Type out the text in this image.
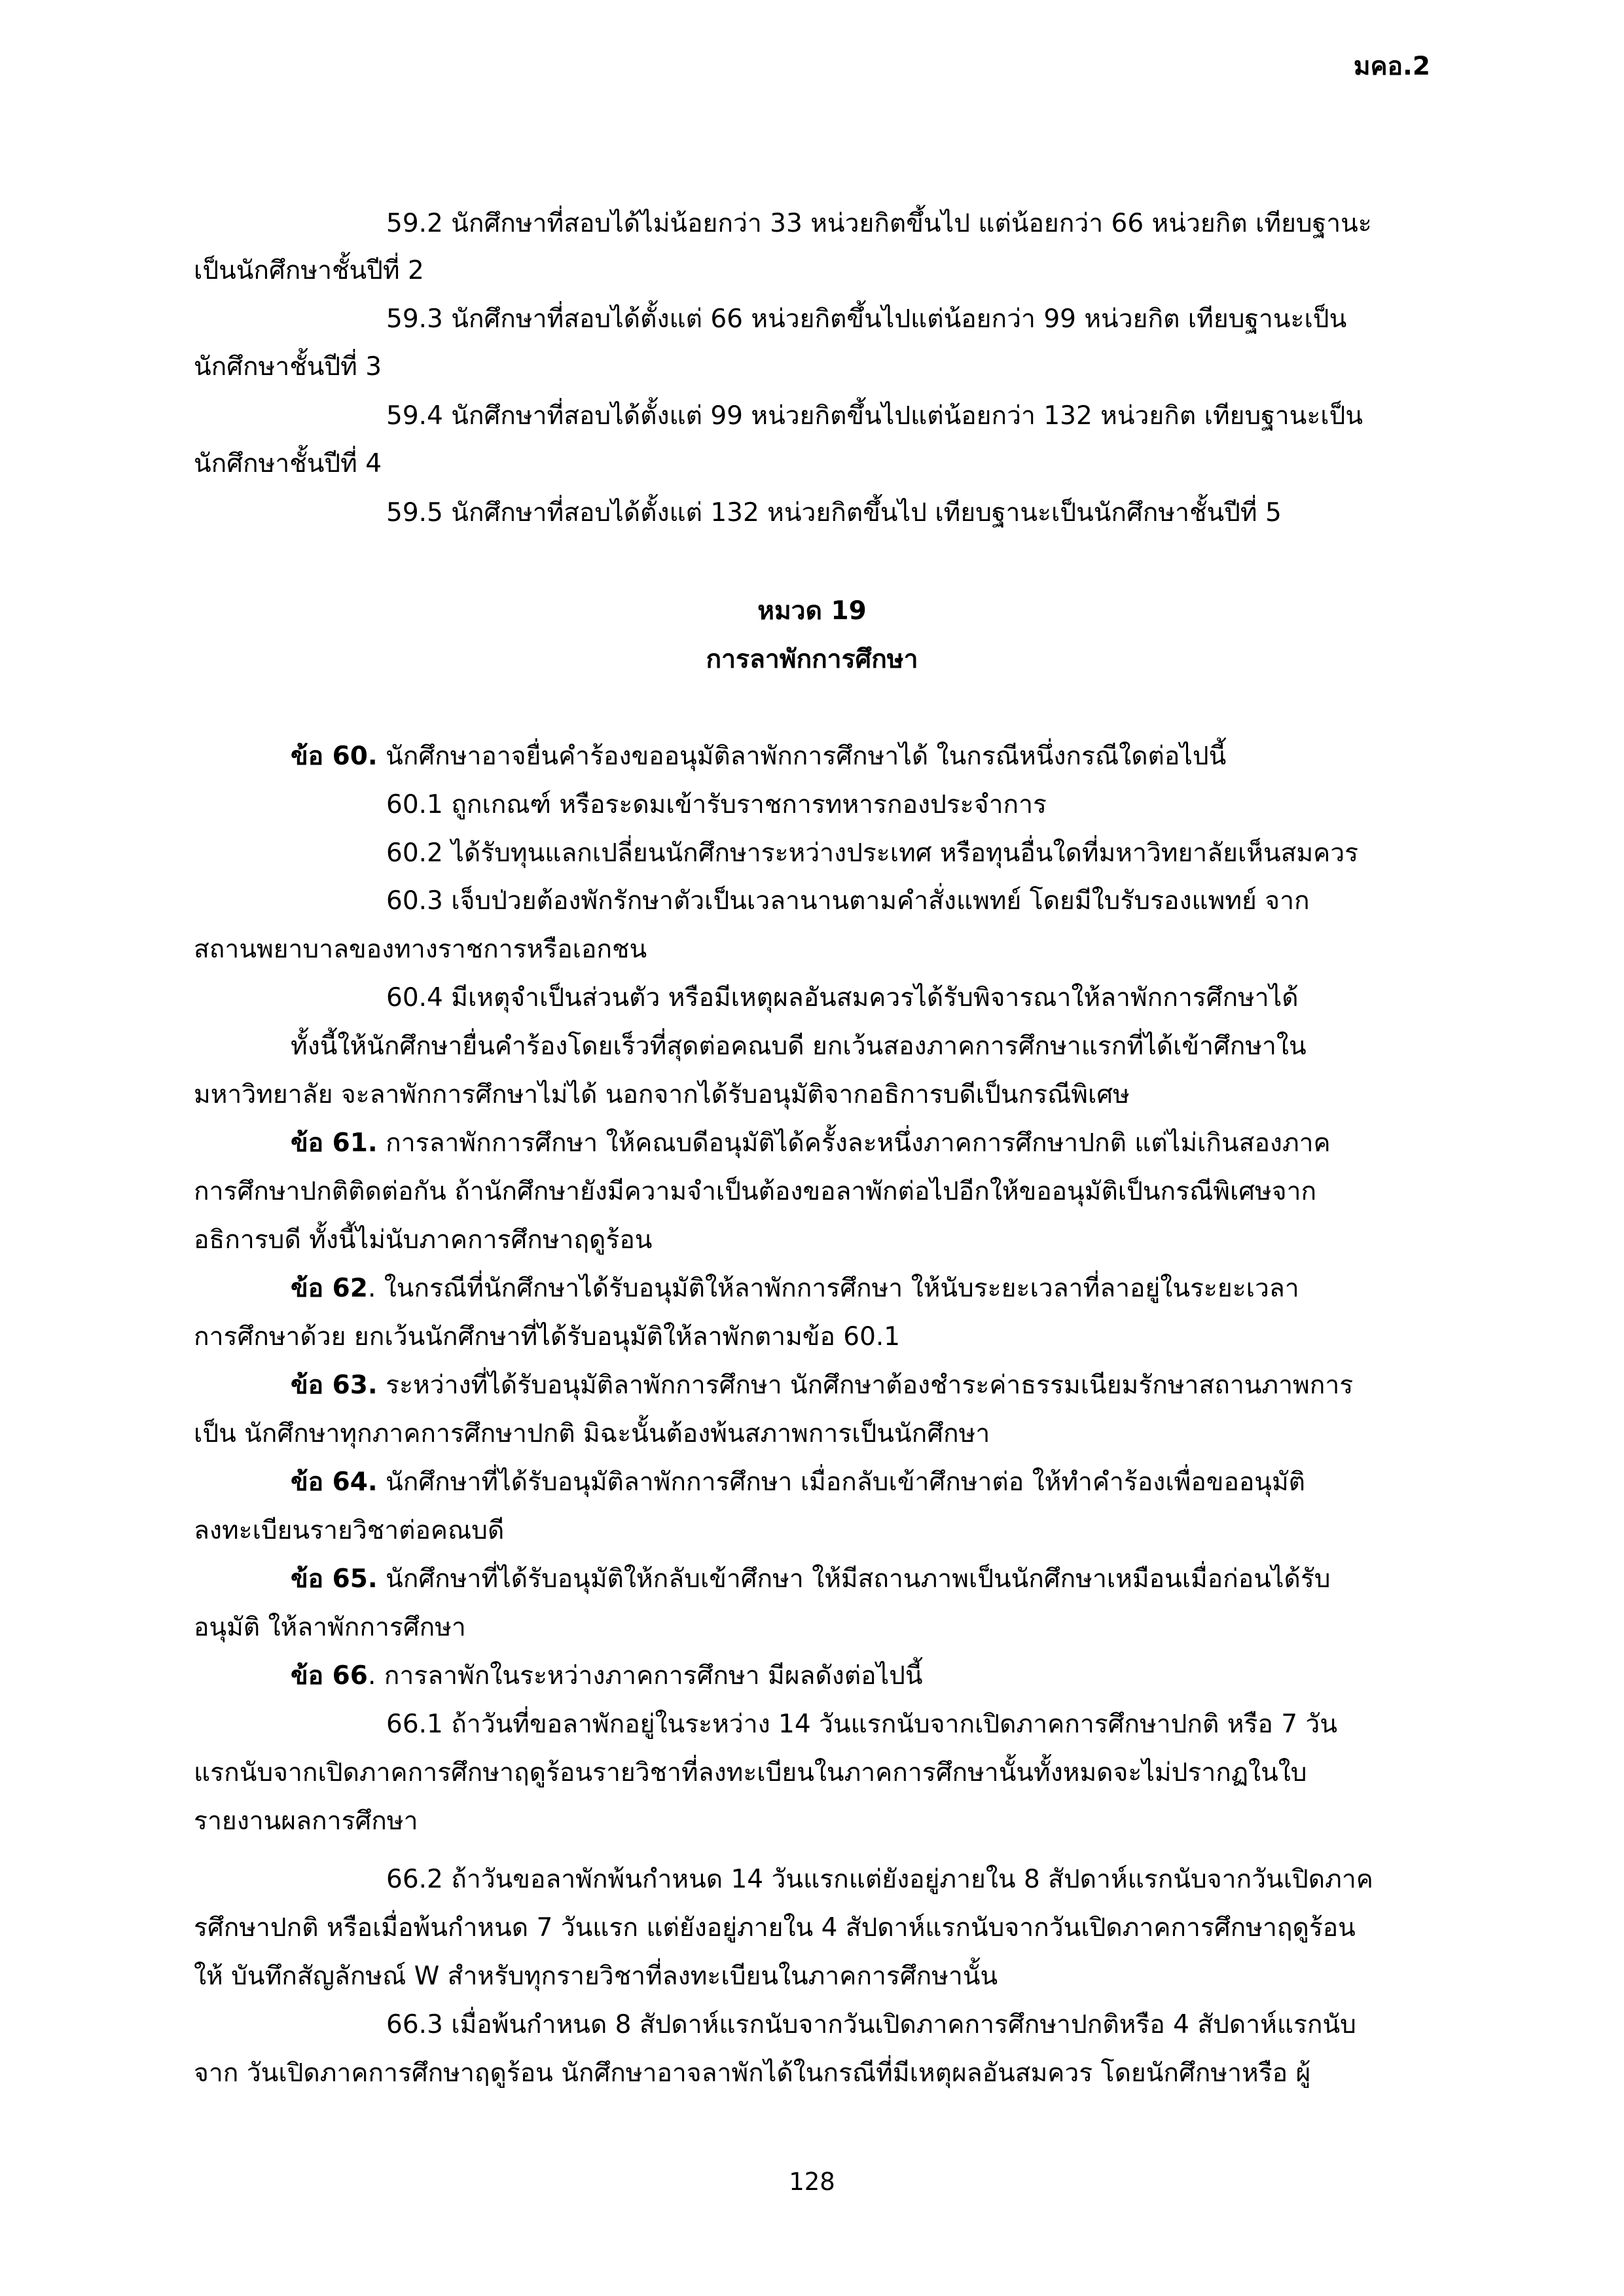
มคอ.2
59.2 นักศึกษาที่สอบได้ไม่น้อยกว่า 33 หน่วยกิตขึ้นไป แต่น้อยกว่า 66 หน่วยกิต เทียบฐานะ
เป็นนักศึกษาชั้นปีที่ 2
59.3 นักศึกษาที่สอบได้ตั้งแต่ 66 หน่วยกิตขึ้นไปแต่น้อยกว่า 99 หน่วยกิต เทียบฐานะเป็น
นักศึกษาชั้นปีที่ 3
59.4 นักศึกษาที่สอบได้ตั้งแต่ 99 หน่วยกิตขึ้นไปแต่น้อยกว่า 132 หน่วยกิต เทียบฐานะเป็น
นักศึกษาชั้นปีที่ 4
59.5 นักศึกษาที่สอบได้ตั้งแต่ 132 หน่วยกิตขึ้นไป เทียบฐานะเป็นนักศึกษาชั้นปีที่ 5
หมวด 19
การลาพักการศึกษา
ข้อ 60. นักศึกษาอาจยื่นคำร้องขออนุมัติลาพักการศึกษาได้ ในกรณีหนึ่งกรณีใดต่อไปนี้
60.1 ถูกเกณฑ์ หรือระดมเข้ารับราชการทหารกองประจำการ
60.2 ได้รับทุนแลกเปลี่ยนนักศึกษาระหว่างประเทศ หรือทุนอื่นใดที่มหาวิทยาลัยเห็นสมควร
60.3 เจ็บป่วยต้องพักรักษาตัวเป็นเวลานานตามคำสั่งแพทย์ โดยมีใบรับรองแพทย์ จาก
สถานพยาบาลของทางราชการหรือเอกชน
60.4 มีเหตุจำเป็นส่วนตัว หรือมีเหตุผลอันสมควรได้รับพิจารณาให้ลาพักการศึกษาได้
ทั้งนี้ให้นักศึกษายื่นคำร้องโดยเร็วที่สุดต่อคณบดี ยกเว้นสองภาคการศึกษาแรกที่ได้เข้าศึกษาใน
มหาวิทยาลัย จะลาพักการศึกษาไม่ได้ นอกจากได้รับอนุมัติจากอธิการบดีเป็นกรณีพิเศษ
ข้อ 61. การลาพักการศึกษา ให้คณบดีอนุมัติได้ครั้งละหนึ่งภาคการศึกษาปกติ แต่ไม่เกินสองภาค
การศึกษาปกติติดต่อกัน ถ้านักศึกษายังมีความจำเป็นต้องขอลาพักต่อไปอีกให้ขออนุมัติเป็นกรณีพิเศษจาก
อธิการบดี ทั้งนี้ไม่นับภาคการศึกษาฤดูร้อน
ข้อ 62. ในกรณีที่นักศึกษาได้รับอนุมัติให้ลาพักการศึกษา ให้นับระยะเวลาที่ลาอยู่ในระยะเวลา
การศึกษาด้วย ยกเว้นนักศึกษาที่ได้รับอนุมัติให้ลาพักตามข้อ 60.1
ข้อ 63. ระหว่างที่ได้รับอนุมัติลาพักการศึกษา นักศึกษาต้องชำระค่าธรรมเนียมรักษาสถานภาพการ
เป็น นักศึกษาทุกภาคการศึกษาปกติ มิฉะนั้นต้องพ้นสภาพการเป็นนักศึกษา
ข้อ 64. นักศึกษาที่ได้รับอนุมัติลาพักการศึกษา เมื่อกลับเข้าศึกษาต่อ ให้ทำคำร้องเพื่อขออนุมัติ
ลงทะเบียนรายวิชาต่อคณบดี
ข้อ 65. นักศึกษาที่ได้รับอนุมัติให้กลับเข้าศึกษา ให้มีสถานภาพเป็นนักศึกษาเหมือนเมื่อก่อนได้รับ
อนุมัติ ให้ลาพักการศึกษา
ข้อ 66. การลาพักในระหว่างภาคการศึกษา มีผลดังต่อไปนี้
66.1 ถ้าวันที่ขอลาพักอยู่ในระหว่าง 14 วันแรกนับจากเปิดภาคการศึกษาปกติ หรือ 7 วัน
แรกนับจากเปิดภาคการศึกษาฤดูร้อนรายวิชาที่ลงทะเบียนในภาคการศึกษานั้นทั้งหมดจะไม่ปรากฏในใบ
รายงานผลการศึกษา
66.2 ถ้าวันขอลาพักพ้นกำหนด 14 วันแรกแต่ยังอยู่ภายใน 8 สัปดาห์แรกนับจากวันเปิดภาค
รศึกษาปกติ หรือเมื่อพ้นกำหนด 7 วันแรก แต่ยังอยู่ภายใน 4 สัปดาห์แรกนับจากวันเปิดภาคการศึกษาฤดูร้อน
ให้ บันทึกสัญลักษณ์ W สำหรับทุกรายวิชาที่ลงทะเบียนในภาคการศึกษานั้น
66.3 เมื่อพ้นกำหนด 8 สัปดาห์แรกนับจากวันเปิดภาคการศึกษาปกติหรือ 4 สัปดาห์แรกนับ
จาก วันเปิดภาคการศึกษาฤดูร้อน นักศึกษาอาจลาพักได้ในกรณีที่มีเหตุผลอันสมควร โดยนักศึกษาหรือ ผู้
128
